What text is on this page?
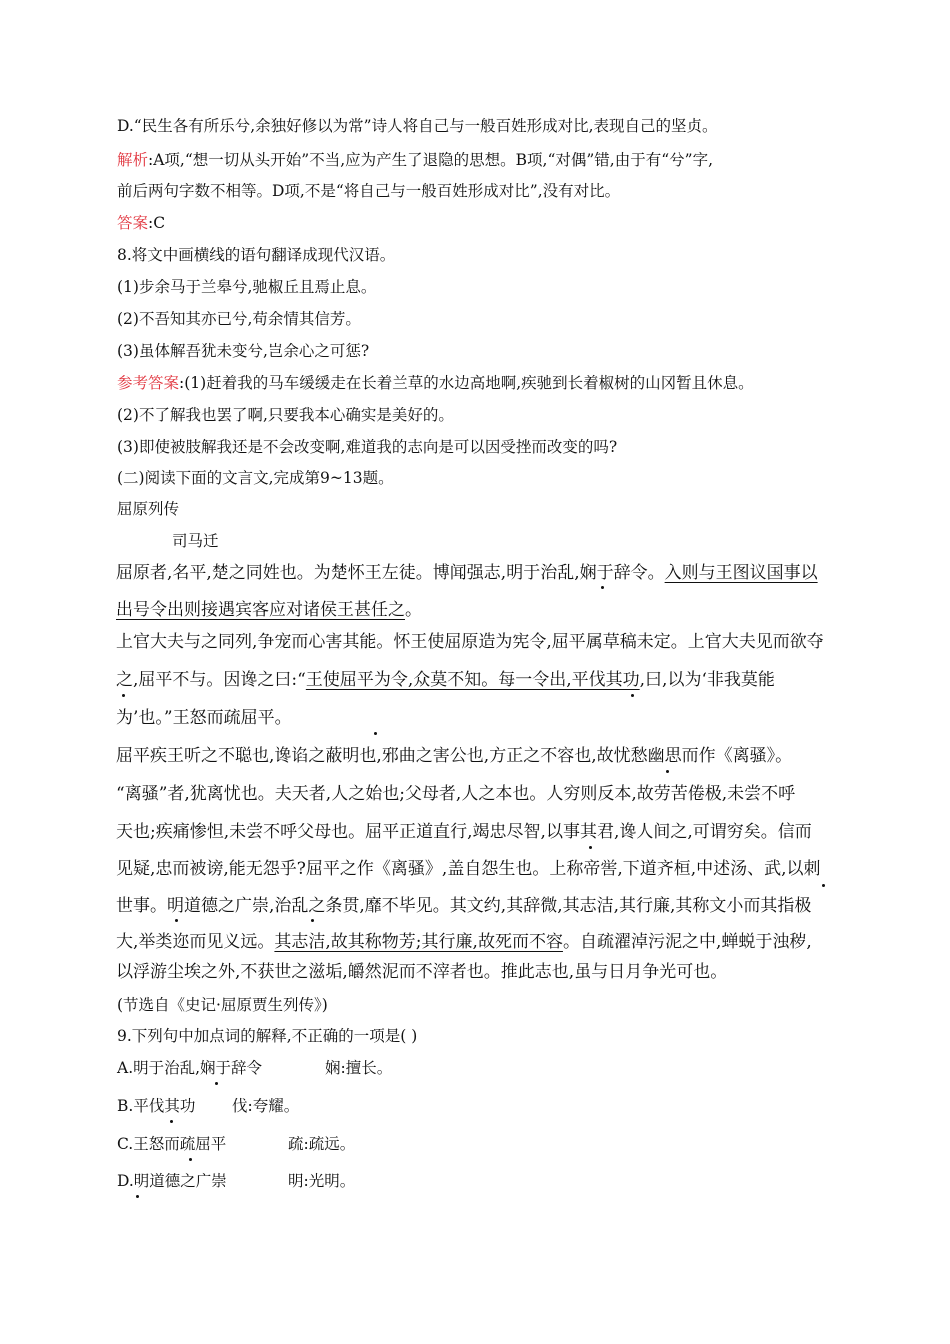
D.“民生各有所乐兮,余独好修以为常”诗人将自己与一般百姓形成对比,表现自己的坚贞。
解析:A项,“想一切从头开始”不当,应为产生了退隐的思想。B项,“对偶”错,由于有“兮”字,
前后两句字数不相等。D项,不是“将自己与一般百姓形成对比”,没有对比。
答案:C
8.将文中画横线的语句翻译成现代汉语。
(1)步余马于兰皋兮,驰椒丘且焉止息。
(2)不吾知其亦已兮,苟余情其信芳。
(3)虽体解吾犹未变兮,岂余心之可惩?
参考答案:(1)赶着我的马车缓缓走在长着兰草的水边高地啊,疾驰到长着椒树的山冈暂且休息。
(2)不了解我也罢了啊,只要我本心确实是美好的。
(3)即使被肢解我还是不会改变啊,难道我的志向是可以因受挫而改变的吗?
(二)阅读下面的文言文,完成第9~13题。
屈原列传
司马迁
屈原者,名平,楚之同姓也。为楚怀王左徒。博闻强志,明于治乱,娴于辞令。入则与王图议国事以
出号令出则接遇宾客应对诸侯王甚任之。
上官大夫与之同列,争宠而心害其能。怀王使屈原造为宪令,屈平属草稿未定。上官大夫见而欲夺
之,屈平不与。因谗之曰:“王使屈平为令,众莫不知。每一令出,平伐其功,曰,以为‘非我莫能
为’也。”王怒而疏屈平。
屈平疾王听之不聪也,谗谄之蔽明也,邪曲之害公也,方正之不容也,故忧愁幽思而作《离骚》。
“离骚”者,犹离忧也。夫天者,人之始也;父母者,人之本也。人穷则反本,故劳苦倦极,未尝不呼
天也;疾痛惨怛,未尝不呼父母也。屈平正道直行,竭忠尽智,以事其君,谗人间之,可谓穷矣。信而
见疑,忠而被谤,能无怨乎?屈平之作《离骚》,盖自怨生也。上称帝喾,下道齐桓,中述汤、武,以刺
世事。明道德之广崇,治乱之条贯,靡不毕见。其文约,其辞微,其志洁,其行廉,其称文小而其指极
大,举类迩而见义远。其志洁,故其称物芳;其行廉,故死而不容。自疏濯淖污泥之中,蝉蜕于浊秽,
以浮游尘埃之外,不获世之滋垢,皭然泥而不滓者也。推此志也,虽与日月争光可也。
(节选自《史记·屈原贾生列传》)
9.下列句中加点词的解释,不正确的一项是( )
A.明于治乱,娴于辞令	娴:擅长。
B.平伐其功 伐:夸耀。
C.王怒而疏屈平	疏:疏远。
D.明道德之广崇	明:光明。
